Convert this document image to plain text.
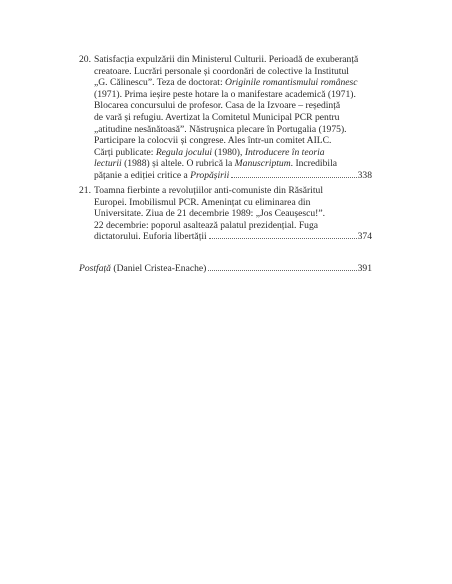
20. Satisfacția expulzării din Ministerul Culturii. Perioadă de exuberanță
creatoare. Lucrări personale și coordonări de colective la Institutul
„G. Călinescu”. Teza de doctorat: Originile romantismului românesc
(1971). Prima ieșire peste hotare la o manifestare academică (1971).
Blocarea concursului de profesor. Casa de la Izvoare – reședință
de vară și refugiu. Avertizat la Comitetul Municipal PCR pentru
„atitudine nesănătoasă”. Năstrușnica plecare în Portugalia (1975).
Participare la colocvii și congrese. Ales într-un comitet AILC.
Cărți publicate: Regula jocului (1980), Introducere în teoria
lecturii (1988) și altele. O rubrică la Manuscriptum. Incredibila
pățanie a ediției critice a Propășirii	338
21. Toamna fierbinte a revoluțiilor anti-comuniste din Răsăritul
Europei. Imobilismul PCR. Amenințat cu eliminarea din
Universitate. Ziua de 21 decembrie 1989: „Jos Ceaușescu!”.
22 decembrie: poporul asaltează palatul prezidențial. Fuga
dictatorului. Euforia libertății	374
Postfață (Daniel Cristea-Enache)	391
